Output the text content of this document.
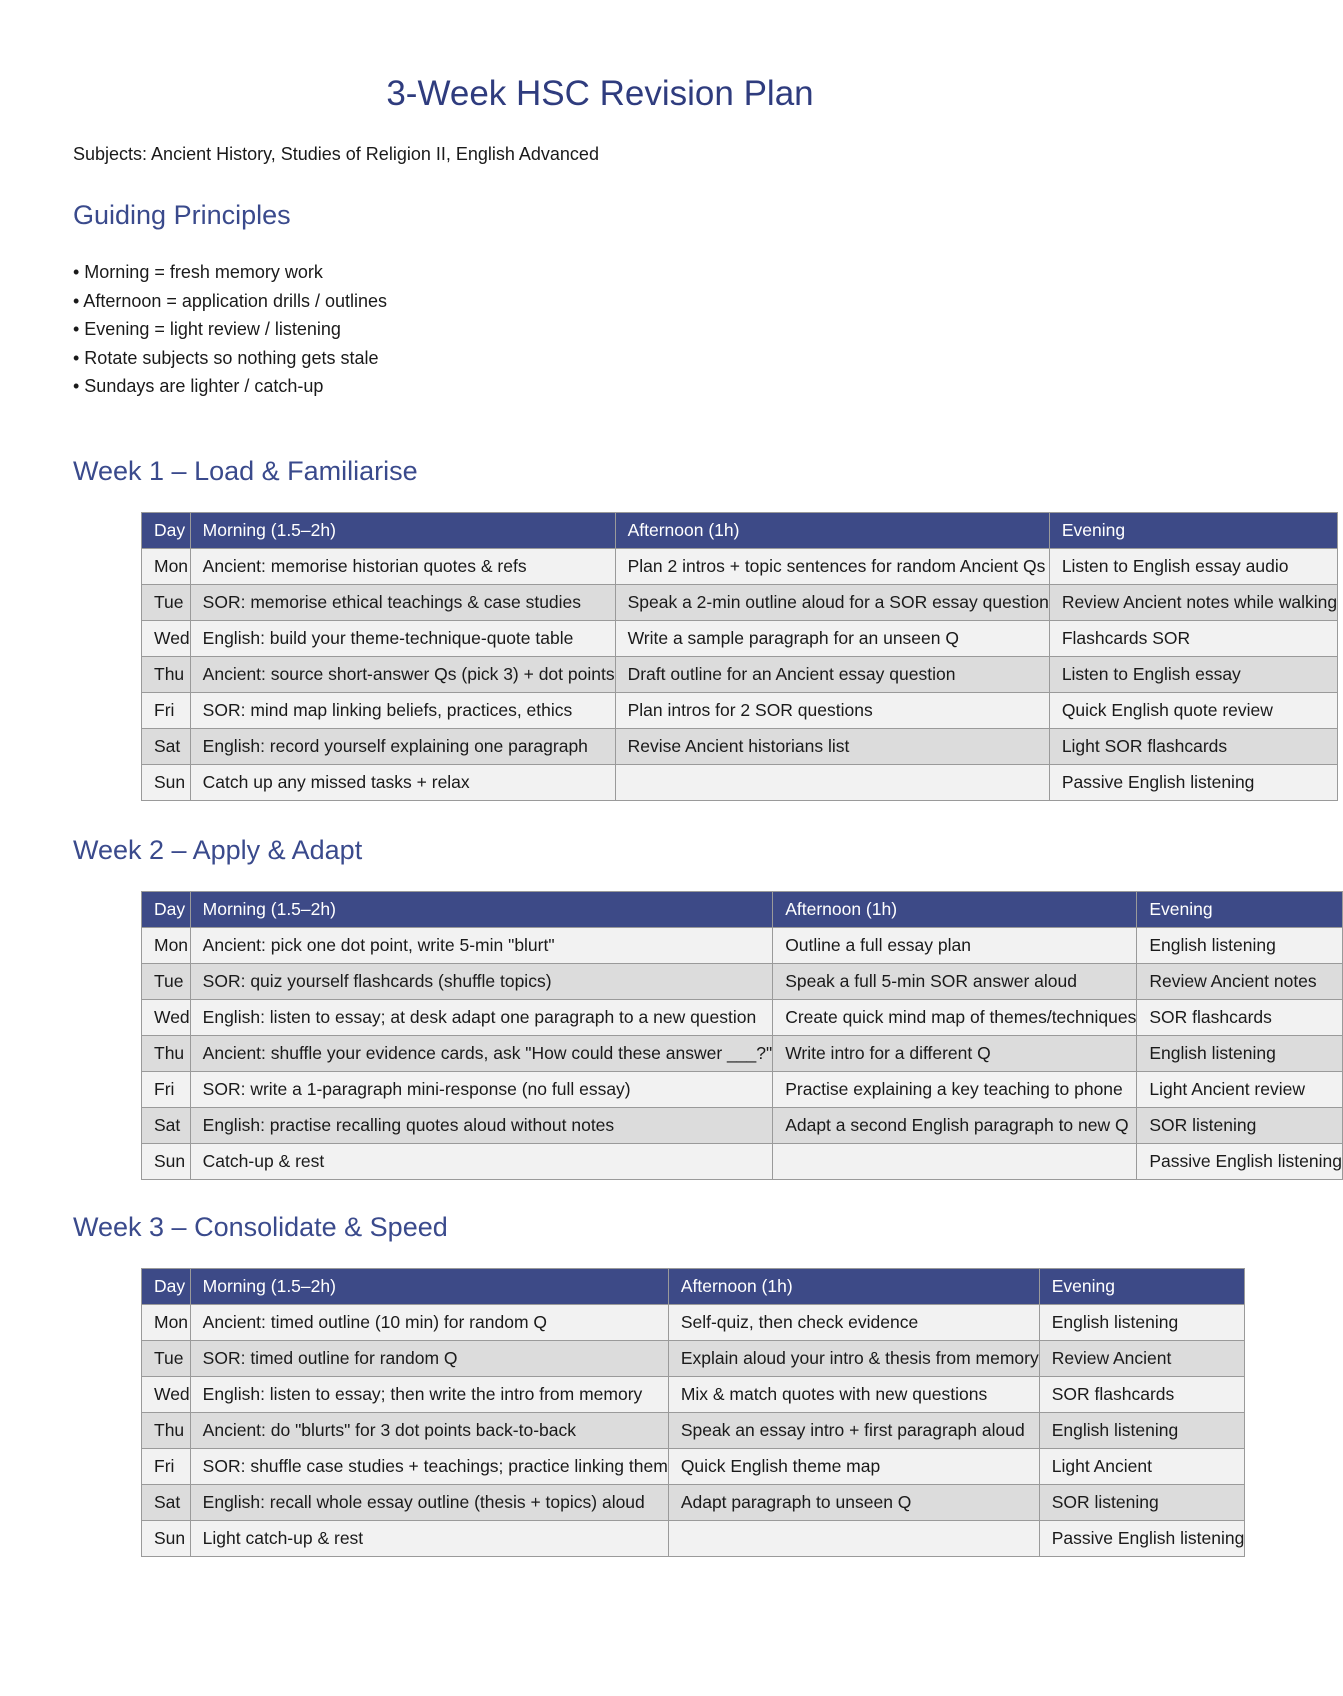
3-Week HSC Revision Plan
Subjects: Ancient History, Studies of Religion II, English Advanced
Guiding Principles
• Morning = fresh memory work
• Afternoon = application drills / outlines
• Evening = light review / listening
• Rotate subjects so nothing gets stale
• Sundays are lighter / catch-up
Week 1 – Load & Familiarise
Day	Morning (1.5–2h)	Afternoon (1h)	Evening
Mon	Ancient: memorise historian quotes & refs	Plan 2 intros + topic sentences for random Ancient Qs	Listen to English essay audio
Tue	SOR: memorise ethical teachings & case studies	Speak a 2-min outline aloud for a SOR essay question	Review Ancient notes while walking
Wed	English: build your theme-technique-quote table	Write a sample paragraph for an unseen Q	Flashcards SOR
Thu	Ancient: source short-answer Qs (pick 3) + dot points	Draft outline for an Ancient essay question	Listen to English essay
Fri	SOR: mind map linking beliefs, practices, ethics	Plan intros for 2 SOR questions	Quick English quote review
Sat	English: record yourself explaining one paragraph	Revise Ancient historians list	Light SOR flashcards
Sun	Catch up any missed tasks + relax		Passive English listening
Week 2 – Apply & Adapt
Day	Morning (1.5–2h)	Afternoon (1h)	Evening
Mon	Ancient: pick one dot point, write 5-min "blurt"	Outline a full essay plan	English listening
Tue	SOR: quiz yourself flashcards (shuffle topics)	Speak a full 5-min SOR answer aloud	Review Ancient notes
Wed	English: listen to essay; at desk adapt one paragraph to a new question	Create quick mind map of themes/techniques	SOR flashcards
Thu	Ancient: shuffle your evidence cards, ask "How could these answer ___?"	Write intro for a different Q	English listening
Fri	SOR: write a 1-paragraph mini-response (no full essay)	Practise explaining a key teaching to phone	Light Ancient review
Sat	English: practise recalling quotes aloud without notes	Adapt a second English paragraph to new Q	SOR listening
Sun	Catch-up & rest		Passive English listening
Week 3 – Consolidate & Speed
Day	Morning (1.5–2h)	Afternoon (1h)	Evening
Mon	Ancient: timed outline (10 min) for random Q	Self-quiz, then check evidence	English listening
Tue	SOR: timed outline for random Q	Explain aloud your intro & thesis from memory	Review Ancient
Wed	English: listen to essay; then write the intro from memory	Mix & match quotes with new questions	SOR flashcards
Thu	Ancient: do "blurts" for 3 dot points back-to-back	Speak an essay intro + first paragraph aloud	English listening
Fri	SOR: shuffle case studies + teachings; practice linking them	Quick English theme map	Light Ancient
Sat	English: recall whole essay outline (thesis + topics) aloud	Adapt paragraph to unseen Q	SOR listening
Sun	Light catch-up & rest		Passive English listening
